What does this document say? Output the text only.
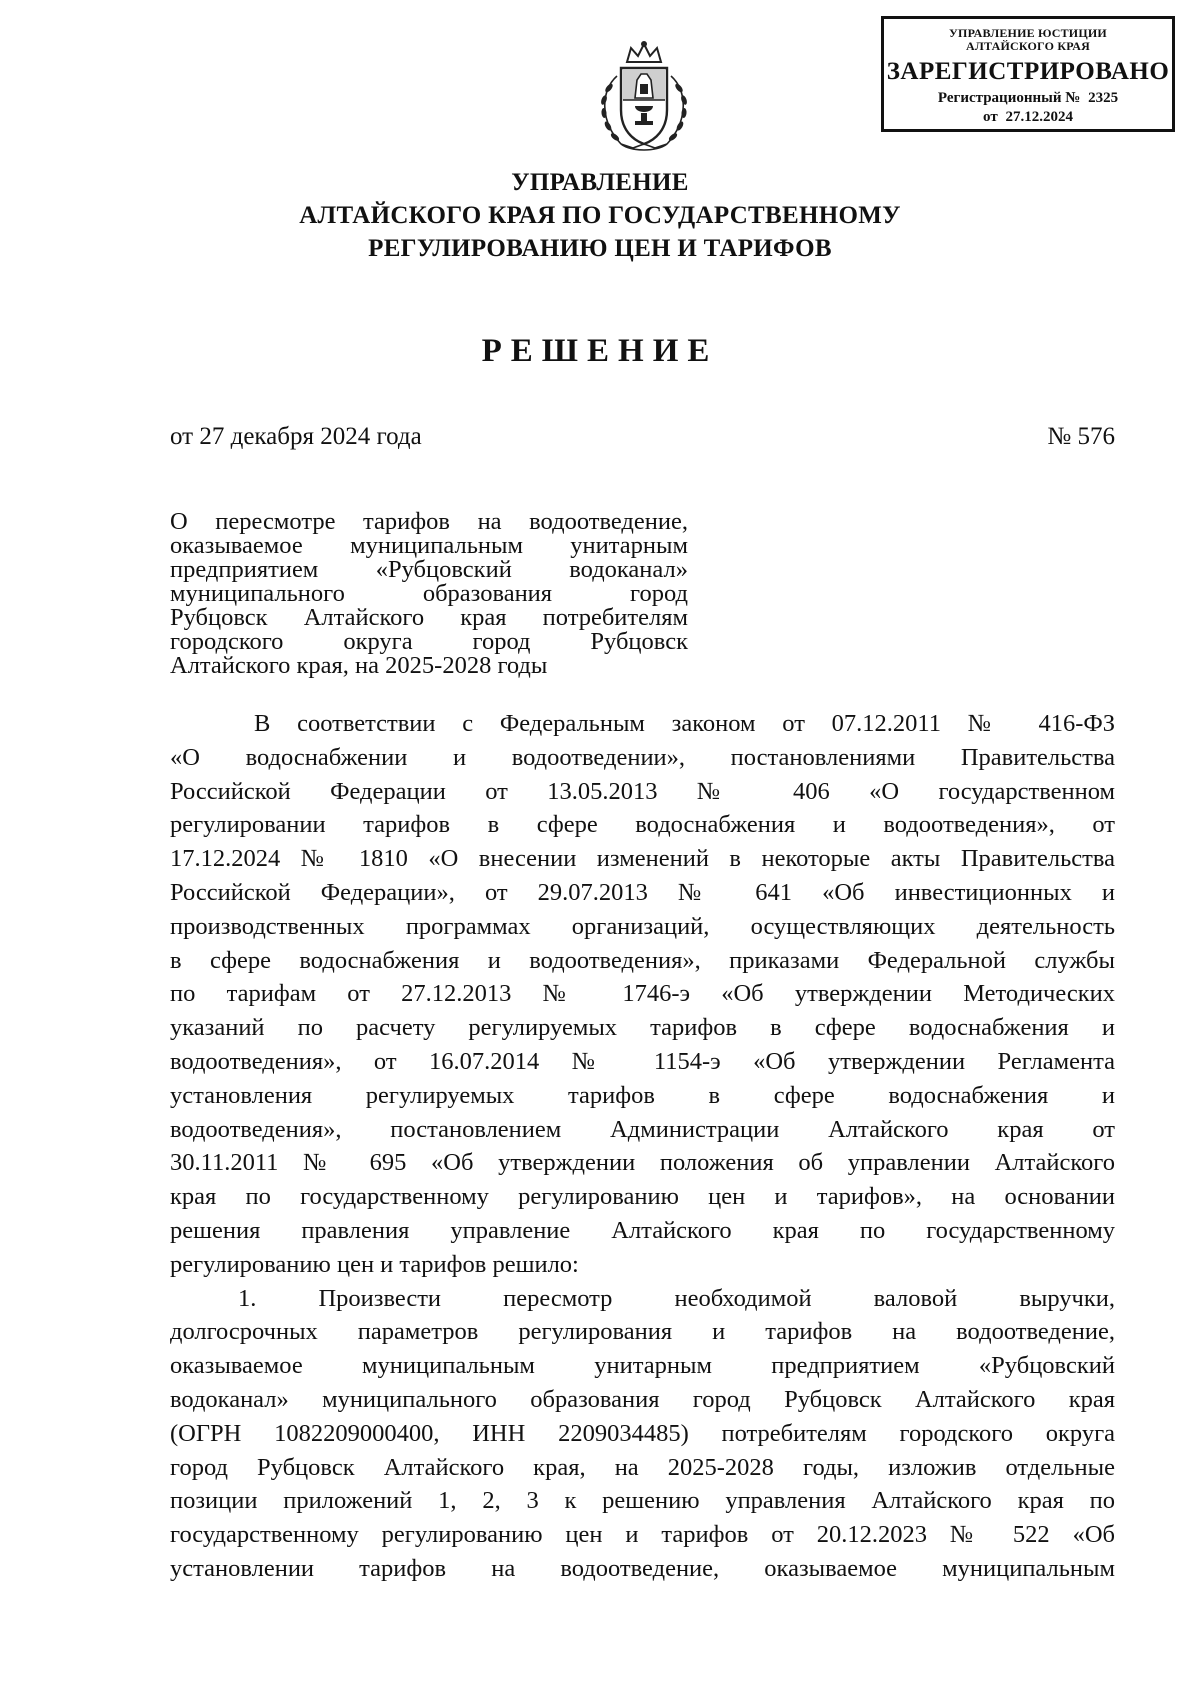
УПРАВЛЕНИЕ ЮСТИЦИИ
АЛТАЙСКОГО КРАЯ
ЗАРЕГИСТРИРОВАНО
Регистрационный № 2325
от 27.12.2024
УПРАВЛЕНИЕ
АЛТАЙСКОГО КРАЯ ПО ГОСУДАРСТВЕННОМУ
РЕГУЛИРОВАНИЮ ЦЕН И ТАРИФОВ
РЕШЕНИЕ
от 27 декабря 2024 года	№ 576
О пересмотре тарифов на водоотведение,
оказываемое муниципальным унитарным
предприятием «Рубцовский водоканал»
муниципального образования город
Рубцовск Алтайского края потребителям
городского округа город Рубцовск
Алтайского края, на 2025-2028 годы
В соответствии с Федеральным законом от 07.12.2011 № 416-ФЗ
«О водоснабжении и водоотведении», постановлениями Правительства
Российской Федерации от 13.05.2013 № 406 «О государственном
регулировании тарифов в сфере водоснабжения и водоотведения», от
17.12.2024 № 1810 «О внесении изменений в некоторые акты Правительства
Российской Федерации», от 29.07.2013 № 641 «Об инвестиционных и
производственных программах организаций, осуществляющих деятельность
в сфере водоснабжения и водоотведения», приказами Федеральной службы
по тарифам от 27.12.2013 № 1746-э «Об утверждении Методических
указаний по расчету регулируемых тарифов в сфере водоснабжения и
водоотведения», от 16.07.2014 № 1154-э «Об утверждении Регламента
установления регулируемых тарифов в сфере водоснабжения и
водоотведения», постановлением Администрации Алтайского края от
30.11.2011 № 695 «Об утверждении положения об управлении Алтайского
края по государственному регулированию цен и тарифов», на основании
решения правления управление Алтайского края по государственному
регулированию цен и тарифов решило:
1. Произвести пересмотр необходимой валовой выручки,
долгосрочных параметров регулирования и тарифов на водоотведение,
оказываемое муниципальным унитарным предприятием «Рубцовский
водоканал» муниципального образования город Рубцовск Алтайского края
(ОГРН 1082209000400, ИНН 2209034485) потребителям городского округа
город Рубцовск Алтайского края, на 2025-2028 годы, изложив отдельные
позиции приложений 1, 2, 3 к решению управления Алтайского края по
государственному регулированию цен и тарифов от 20.12.2023 № 522 «Об
установлении тарифов на водоотведение, оказываемое муниципальным
